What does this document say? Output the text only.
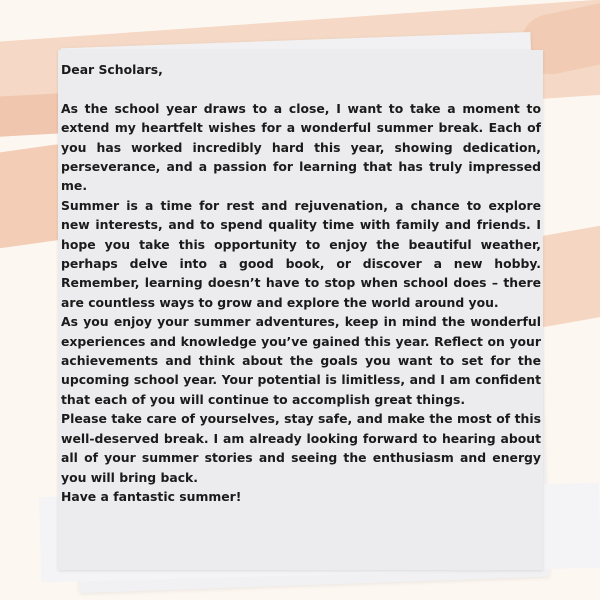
Dear Scholars,

As the school year draws to a close, I want to take a moment to extend my heartfelt wishes for a wonderful summer break. Each of you has worked incredibly hard this year, showing dedication, perseverance, and a passion for learning that has truly impressed me.

Summer is a time for rest and rejuvenation, a chance to explore new interests, and to spend quality time with family and friends. I hope you take this opportunity to enjoy the beautiful weather, perhaps delve into a good book, or discover a new hobby. Remember, learning doesn’t have to stop when school does – there are countless ways to grow and explore the world around you.

As you enjoy your summer adventures, keep in mind the wonderful experiences and knowledge you’ve gained this year. Reflect on your achievements and think about the goals you want to set for the upcoming school year. Your potential is limitless, and I am confident that each of you will continue to accomplish great things.

Please take care of yourselves, stay safe, and make the most of this well-deserved break. I am already looking forward to hearing about all of your summer stories and seeing the enthusiasm and energy you will bring back.

Have a fantastic summer!
